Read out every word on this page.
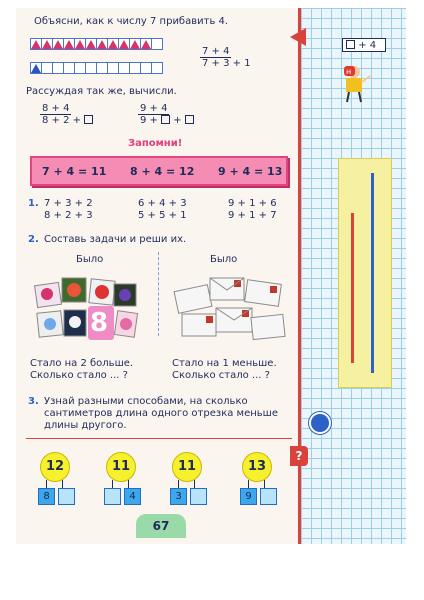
Объясни, как к числу 7 прибавить 4.
$\frac{7 + 4}{7 + 3 + 1}$
Рассуждая так же, вычисли.
$\frac{8 + 4}{8 + 2 +}$	$\frac{9 + 4}{9 + +}$
Запомни!
7 + 4 = 11 8 + 4 = 12 9 + 4 = 13
1. 7 + 3 + 2	6 + 4 + 3	9 + 1 + 6
8 + 2 + 3	5 + 5 + 1	9 + 1 + 7
2. Составь задачи и реши их.
Было	Было
8
Стало на 2 больше.
Сколько стало ... ?
Стало на 1 меньше.
Сколько стало ... ?
3. Узнай разными способами, на сколько
сантиметров длина одного отрезка меньше
длины другого.
12
8
11
4
11
3
13
9
67
+ 4
н
?
